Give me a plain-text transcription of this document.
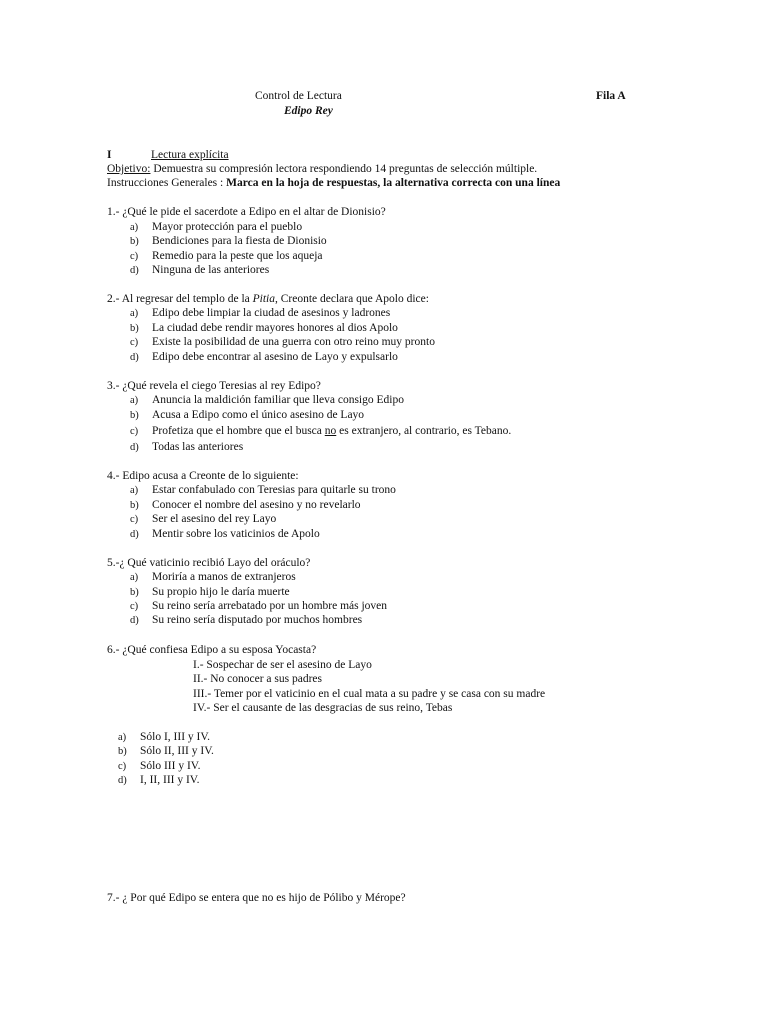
Control de Lectura	Fila A
Edipo Rey
I	Lectura explícita
Objetivo: Demuestra su compresión lectora respondiendo 14 preguntas de selección múltiple.
Instrucciones Generales : Marca en la hoja de respuestas, la alternativa correcta con una línea
1.- ¿Qué le pide el sacerdote a Edipo en el altar de Dionisio?
a) Mayor protección para el pueblo
b) Bendiciones para la fiesta de Dionisio
c) Remedio para la peste que los aqueja
d) Ninguna de las anteriores
2.- Al regresar del templo de la Pitia, Creonte declara que Apolo dice:
a) Edipo debe limpiar la ciudad de asesinos y ladrones
b) La ciudad debe rendir mayores honores al dios Apolo
c) Existe la posibilidad de una guerra con otro reino muy pronto
d) Edipo debe encontrar al asesino de Layo y expulsarlo
3.- ¿Qué revela el ciego Teresias al rey Edipo?
a) Anuncia la maldición familiar que lleva consigo Edipo
b) Acusa a Edipo como el único asesino de Layo
c) Profetiza que el hombre que el busca no es extranjero, al contrario, es Tebano.
d) Todas las anteriores
4.- Edipo acusa a Creonte de lo siguiente:
a) Estar confabulado con Teresias para quitarle su trono
b) Conocer el nombre del asesino y no revelarlo
c) Ser el asesino del rey Layo
d) Mentir sobre los vaticinios de Apolo
5.-¿ Qué vaticinio recibió Layo del oráculo?
a) Moriría a manos de extranjeros
b) Su propio hijo le daría muerte
c) Su reino sería arrebatado por un hombre más joven
d) Su reino sería disputado por muchos hombres
6.- ¿Qué confiesa Edipo a su esposa Yocasta?
I.- Sospechar de ser el asesino de Layo
II.- No conocer a sus padres
III.- Temer por el vaticinio en el cual mata a su padre y se casa con su madre
IV.- Ser el causante de las desgracias de sus reino, Tebas
a) Sólo I, III y IV.
b) Sólo II, III y IV.
c) Sólo III y IV.
d) I, II, III y IV.
7.- ¿ Por qué Edipo se entera que no es hijo de Pólibo y Mérope?
